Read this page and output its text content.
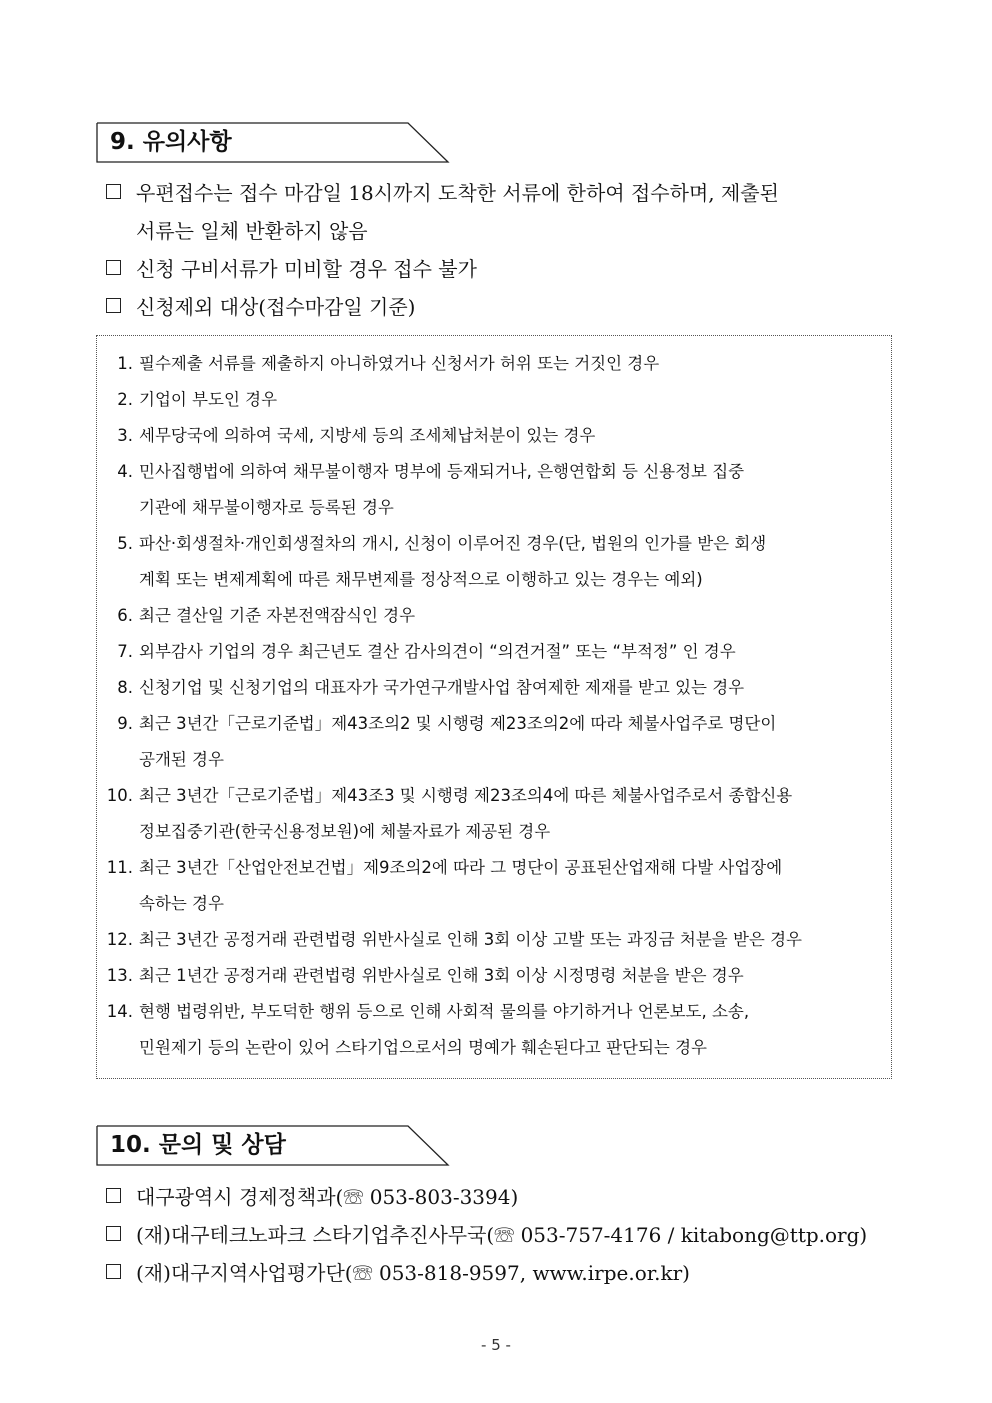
9. 유의사항
우편접수는 접수 마감일 18시까지 도착한 서류에 한하여 접수하며, 제출된
서류는 일체 반환하지 않음
신청 구비서류가 미비할 경우 접수 불가
신청제외 대상(접수마감일 기준)
1. 필수제출 서류를 제출하지 아니하였거나 신청서가 허위 또는 거짓인 경우
2. 기업이 부도인 경우
3. 세무당국에 의하여 국세, 지방세 등의 조세체납처분이 있는 경우
4. 민사집행법에 의하여 채무불이행자 명부에 등재되거나, 은행연합회 등 신용정보 집중
기관에 채무불이행자로 등록된 경우
5. 파산·회생절차·개인회생절차의 개시, 신청이 이루어진 경우(단, 법원의 인가를 받은 회생
계획 또는 변제계획에 따른 채무변제를 정상적으로 이행하고 있는 경우는 예외)
6. 최근 결산일 기준 자본전액잠식인 경우
7. 외부감사 기업의 경우 최근년도 결산 감사의견이 “의견거절” 또는 “부적정” 인 경우
8. 신청기업 및 신청기업의 대표자가 국가연구개발사업 참여제한 제재를 받고 있는 경우
9. 최근 3년간「근로기준법」제43조의2 및 시행령 제23조의2에 따라 체불사업주로 명단이
공개된 경우
10. 최근 3년간「근로기준법」제43조3 및 시행령 제23조의4에 따른 체불사업주로서 종합신용
정보집중기관(한국신용정보원)에 체불자료가 제공된 경우
11. 최근 3년간「산업안전보건법」제9조의2에 따라 그 명단이 공표된산업재해 다발 사업장에
속하는 경우
12. 최근 3년간 공정거래 관련법령 위반사실로 인해 3회 이상 고발 또는 과징금 처분을 받은 경우
13. 최근 1년간 공정거래 관련법령 위반사실로 인해 3회 이상 시정명령 처분을 받은 경우
14. 현행 법령위반, 부도덕한 행위 등으로 인해 사회적 물의를 야기하거나 언론보도, 소송,
민원제기 등의 논란이 있어 스타기업으로서의 명예가 훼손된다고 판단되는 경우
10. 문의 및 상담
대구광역시 경제정책과(☏ 053-803-3394)
(재)대구테크노파크 스타기업추진사무국(☏ 053-757-4176 / kitabong@ttp.org)
(재)대구지역사업평가단(☏ 053-818-9597, www.irpe.or.kr)
- 5 -
